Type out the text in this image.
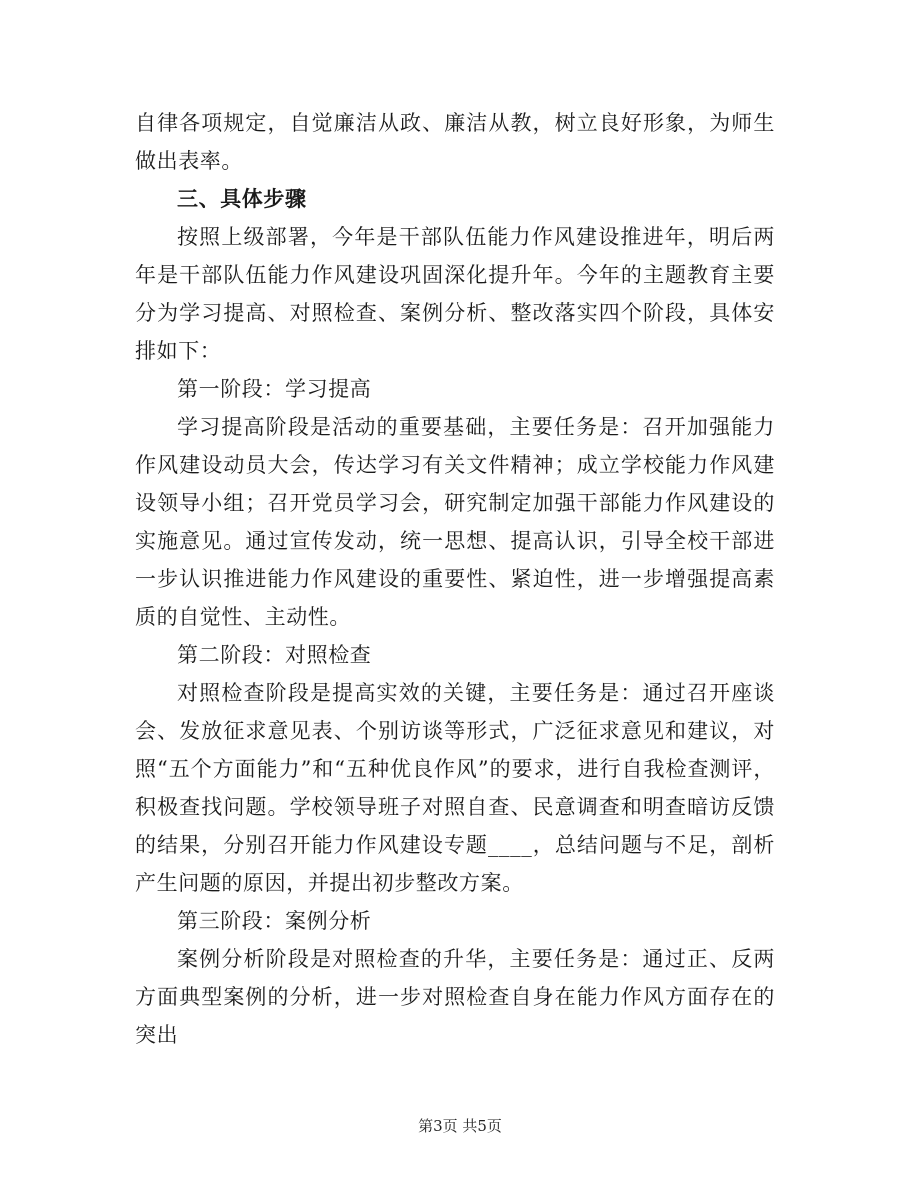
自律各项规定，自觉廉洁从政、廉洁从教，树立良好形象，为师生做出表率。

三、具体步骤

按照上级部署，今年是干部队伍能力作风建设推进年，明后两年是干部队伍能力作风建设巩固深化提升年。今年的主题教育主要分为学习提高、对照检查、案例分析、整改落实四个阶段，具体安排如下：

第一阶段：学习提高

学习提高阶段是活动的重要基础，主要任务是：召开加强能力作风建设动员大会，传达学习有关文件精神；成立学校能力作风建设领导小组；召开党员学习会，研究制定加强干部能力作风建设的实施意见。通过宣传发动，统一思想、提高认识，引导全校干部进一步认识推进能力作风建设的重要性、紧迫性，进一步增强提高素质的自觉性、主动性。

第二阶段：对照检查

对照检查阶段是提高实效的关键，主要任务是：通过召开座谈会、发放征求意见表、个别访谈等形式，广泛征求意见和建议，对照“五个方面能力”和“五种优良作风”的要求，进行自我检查测评，积极查找问题。学校领导班子对照自查、民意调查和明查暗访反馈的结果，分别召开能力作风建设专题____，总结问题与不足，剖析产生问题的原因，并提出初步整改方案。

第三阶段：案例分析

案例分析阶段是对照检查的升华，主要任务是：通过正、反两方面典型案例的分析，进一步对照检查自身在能力作风方面存在的突出

第3页 共5页
